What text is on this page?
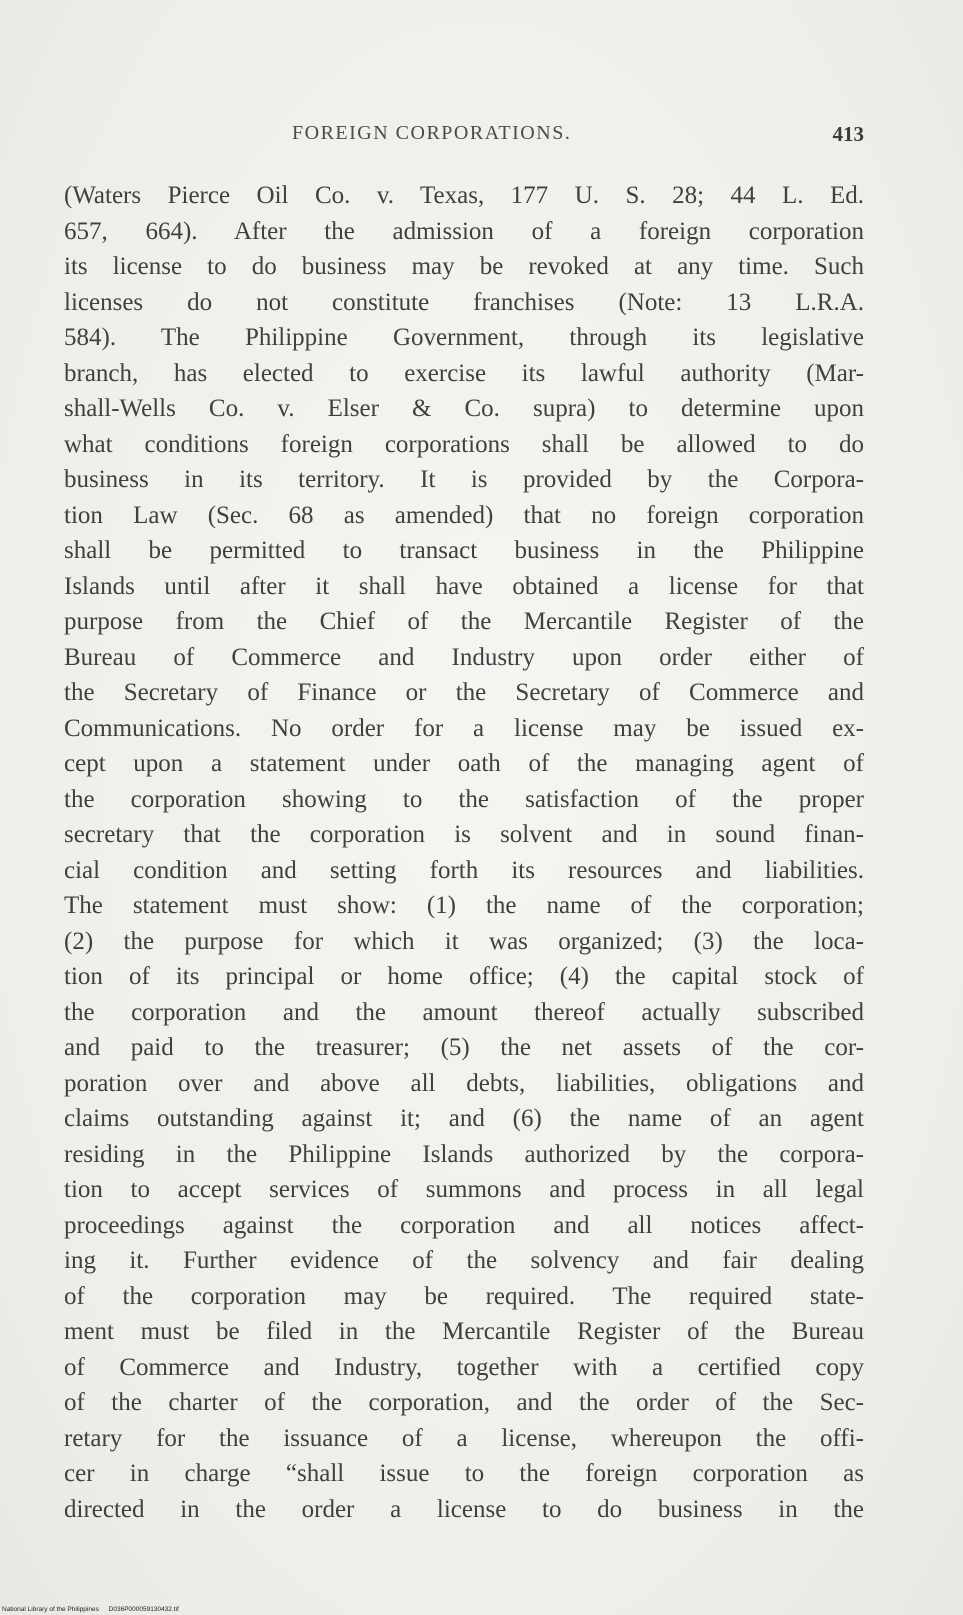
FOREIGN CORPORATIONS.	413
(Waters Pierce Oil Co. v. Texas, 177 U. S. 28; 44 L. Ed.
657, 664). After the admission of a foreign corporation
its license to do business may be revoked at any time. Such
licenses do not constitute franchises (Note: 13 L.R.A.
584). The Philippine Government, through its legislative
branch, has elected to exercise its lawful authority (Mar-
shall-Wells Co. v. Elser & Co. supra) to determine upon
what conditions foreign corporations shall be allowed to do
business in its territory. It is provided by the Corpora-
tion Law (Sec. 68 as amended) that no foreign corporation
shall be permitted to transact business in the Philippine
Islands until after it shall have obtained a license for that
purpose from the Chief of the Mercantile Register of the
Bureau of Commerce and Industry upon order either of
the Secretary of Finance or the Secretary of Commerce and
Communications. No order for a license may be issued ex-
cept upon a statement under oath of the managing agent of
the corporation showing to the satisfaction of the proper
secretary that the corporation is solvent and in sound finan-
cial condition and setting forth its resources and liabilities.
The statement must show: (1) the name of the corporation;
(2) the purpose for which it was organized; (3) the loca-
tion of its principal or home office; (4) the capital stock of
the corporation and the amount thereof actually subscribed
and paid to the treasurer; (5) the net assets of the cor-
poration over and above all debts, liabilities, obligations and
claims outstanding against it; and (6) the name of an agent
residing in the Philippine Islands authorized by the corpora-
tion to accept services of summons and process in all legal
proceedings against the corporation and all notices affect-
ing it. Further evidence of the solvency and fair dealing
of the corporation may be required. The required state-
ment must be filed in the Mercantile Register of the Bureau
of Commerce and Industry, together with a certified copy
of the charter of the corporation, and the order of the Sec-
retary for the issuance of a license, whereupon the offi-
cer in charge “shall issue to the foreign corporation as
directed in the order a license to do business in the
National Library of the Philippines D036P000059130432.tif
